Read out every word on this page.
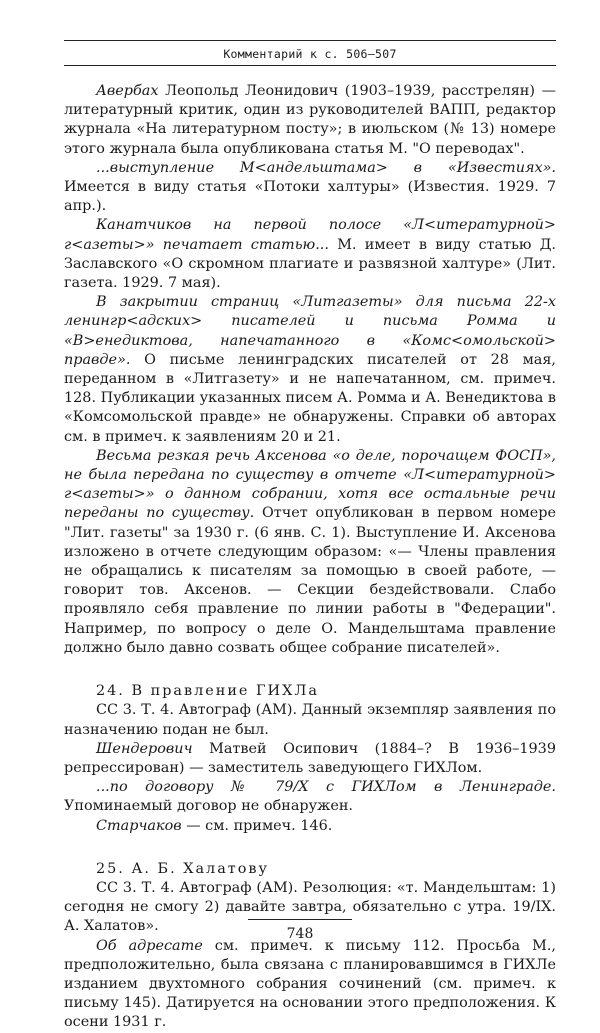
Комментарий к с. 506–507

Авербах Леопольд Леонидович (1903–1939, расстрелян) — литературный критик, один из руководителей ВАПП, редактор журнала «На литературном посту»; в июльском (№ 13) номере этого журнала была опубликована статья М. "О переводах".

...выступление М<андельштама> в «Известиях». Имеется в виду статья «Потоки халтуры» (Известия. 1929. 7 апр.).

Канатчиков на первой полосе «Л<итературной> г<азеты>» печатает статью... М. имеет в виду статью Д. Заславского «О скромном плагиате и развязной халтуре» (Лит. газета. 1929. 7 мая).

В закрытии страниц «Литгазеты» для письма 22-х ленингр<адских> писателей и письма Ромма и «В>енедиктова, напечатанного в «Комс<омольской> правде». О письме ленинградских писателей от 28 мая, переданном в «Литгазету» и не напечатанном, см. примеч. 128. Публикации указанных писем А. Ромма и А. Венедиктова в «Комсомольской правде» не обнаружены. Справки об авторах см. в примеч. к заявлениям 20 и 21.

Весьма резкая речь Аксенова «о деле, порочащем ФОСП», не была передана по существу в отчете «Л<итературной> г<азеты>» о данном собрании, хотя все остальные речи переданы по существу. Отчет опубликован в первом номере "Лит. газеты" за 1930 г. (6 янв. С. 1). Выступление И. Аксенова изложено в отчете следующим образом: «— Члены правления не обращались к писателям за помощью в своей работе, — говорит тов. Аксенов. — Секции бездействовали. Слабо проявляло себя правление по линии работы в "Федерации". Например, по вопросу о деле О. Мандельштама правление должно было давно созвать общее собрание писателей».

24. В правление ГИХЛа

СС 3. Т. 4. Автограф (АМ). Данный экземпляр заявления по назначению подан не был.

Шендерович Матвей Осипович (1884–? В 1936–1939 репрессирован) — заместитель заведующего ГИХЛом.

...по договору № 79/Х с ГИХЛом в Ленинграде. Упоминаемый договор не обнаружен.

Старчаков — см. примеч. 146.

25. А. Б. Халатову

СС 3. Т. 4. Автограф (АМ). Резолюция: «т. Мандельштам: 1) сегодня не смогу 2) давайте завтра, обязательно с утра. 19/IX. А. Халатов».

Об адресате см. примеч. к письму 112. Просьба М., предположительно, была связана с планировавшимся в ГИХЛе изданием двухтомного собрания сочинений (см. примеч. к письму 145). Датируется на основании этого предположения. К осени 1931 г.

748
